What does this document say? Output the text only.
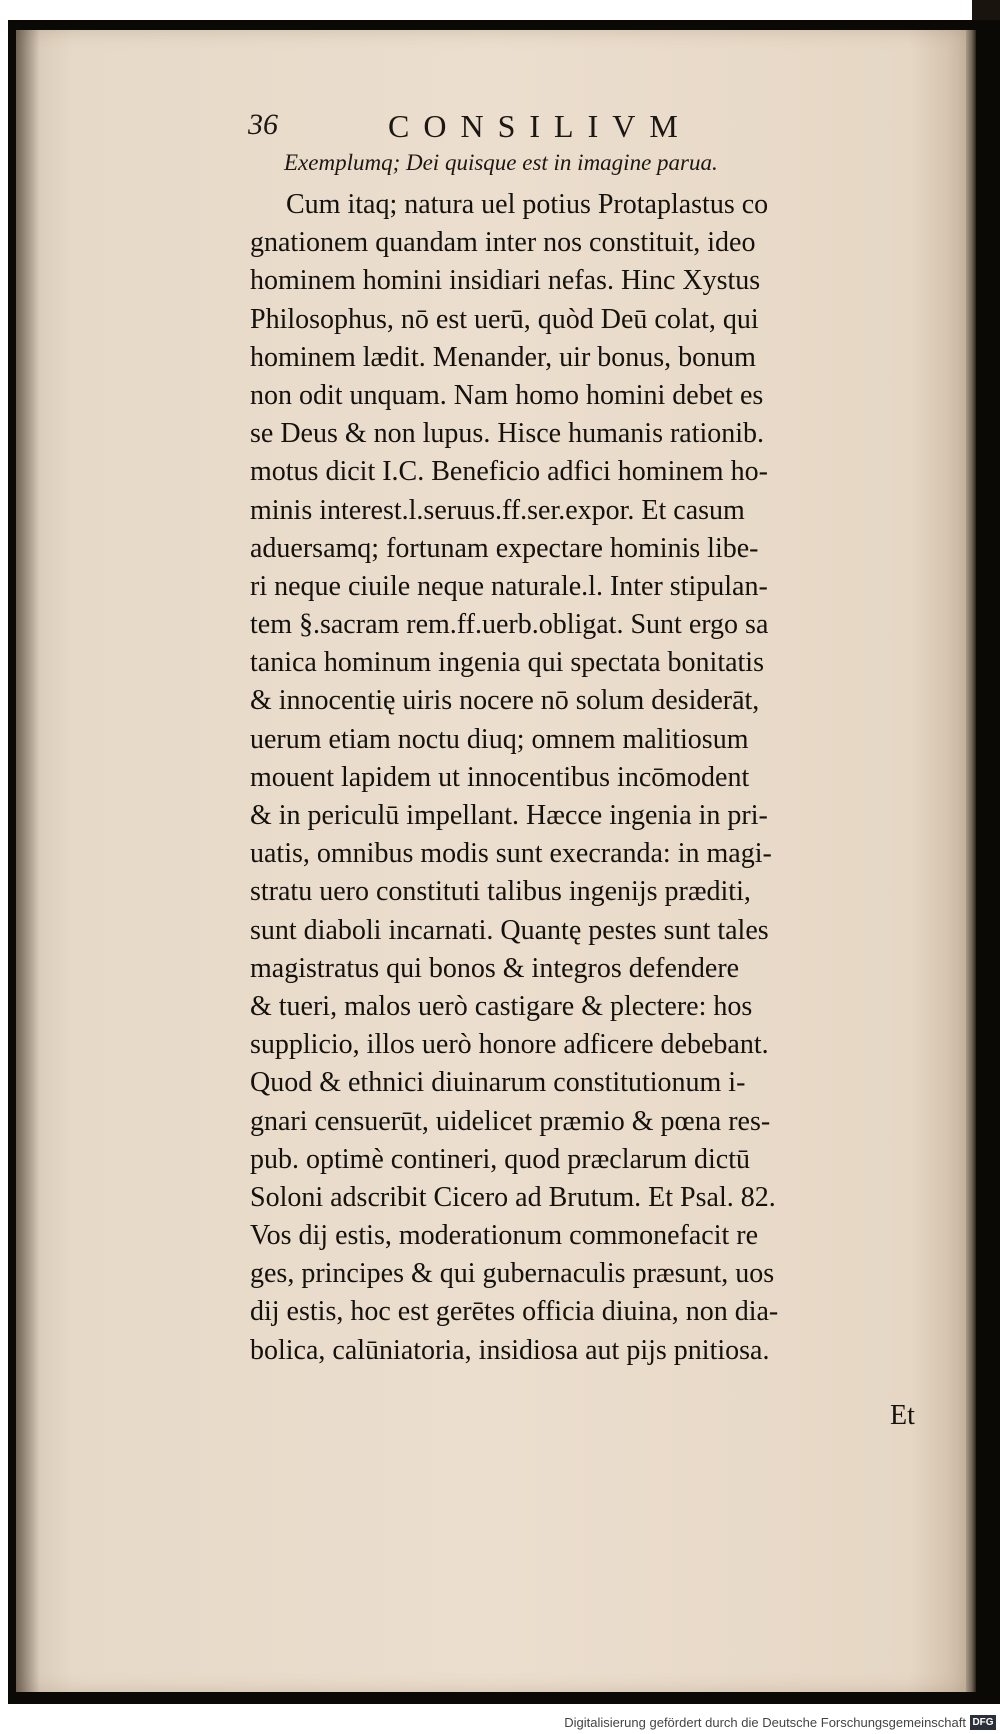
36	CONSILIVM
Exemplumq; Dei quisque est in imagine parua.
Cum itaq; natura uel potius Protaplastus co
gnationem quandam inter nos constituit, ideo
hominem homini insidiari nefas. Hinc Xystus
Philosophus, nō est uerū, quòd Deū colat, qui
hominem lædit. Menander, uir bonus, bonum
non odit unquam. Nam homo homini debet es
se Deus & non lupus. Hisce humanis rationib.
motus dicit I.C. Beneficio adfici hominem ho-
minis interest.l.seruus.ff.ser.expor. Et casum
aduersamq; fortunam expectare hominis libe-
ri neque ciuile neque naturale.l. Inter stipulan-
tem §.sacram rem.ff.uerb.obligat. Sunt ergo sa
tanica hominum ingenia qui spectata bonitatis
& innocentię uiris nocere nō solum desiderāt,
uerum etiam noctu diuq; omnem malitiosum
mouent lapidem ut innocentibus incōmodent
& in periculū impellant. Hæcce ingenia in pri-
uatis, omnibus modis sunt execranda: in magi-
stratu uero constituti talibus ingenijs præditi,
sunt diaboli incarnati. Quantę pestes sunt tales
magistratus qui bonos & integros defendere
& tueri, malos uerò castigare & plectere: hos
supplicio, illos uerò honore adficere debebant.
Quod & ethnici diuinarum constitutionum i-
gnari censuerūt, uidelicet præmio & pœna res-
pub. optimè contineri, quod præclarum dictū
Soloni adscribit Cicero ad Brutum. Et Psal. 82.
Vos dij estis, moderationum commonefacit re
ges, principes & qui gubernaculis præsunt, uos
dij estis, hoc est gerētes officia diuina, non dia-
bolica, calūniatoria, insidiosa aut pijs pnitiosa.
Et
Digitalisierung gefördert durch die Deutsche Forschungsgemeinschaft DFG
